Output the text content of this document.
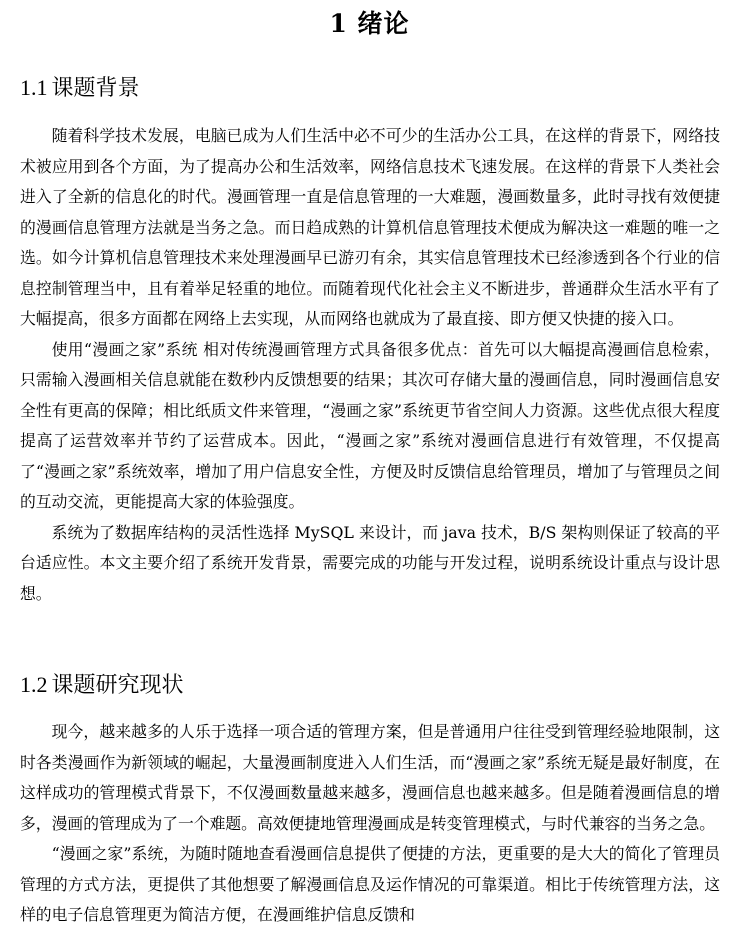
1 绪论
1.1 课题背景

随着科学技术发展，电脑已成为人们生活中必不可少的生活办公工具，在这样的背景下，网络技术被应用到各个方面，为了提高办公和生活效率，网络信息技术飞速发展。在这样的背景下人类社会进入了全新的信息化的时代。漫画管理一直是信息管理的一大难题，漫画数量多，此时寻找有效便捷的漫画信息管理方法就是当务之急。而日趋成熟的计算机信息管理技术便成为解决这一难题的唯一之选。如今计算机信息管理技术来处理漫画早已游刃有余，其实信息管理技术已经渗透到各个行业的信息控制管理当中，且有着举足轻重的地位。而随着现代化社会主义不断进步，普通群众生活水平有了大幅提高，很多方面都在网络上去实现，从而网络也就成为了最直接、即方便又快捷的接入口。

使用“漫画之家”系统 相对传统漫画管理方式具备很多优点：首先可以大幅提高漫画信息检索，只需输入漫画相关信息就能在数秒内反馈想要的结果；其次可存储大量的漫画信息，同时漫画信息安全性有更高的保障；相比纸质文件来管理，“漫画之家”系统更节省空间人力资源。这些优点很大程度提高了运营效率并节约了运营成本。因此，“漫画之家”系统对漫画信息进行有效管理，不仅提高了“漫画之家”系统效率，增加了用户信息安全性，方便及时反馈信息给管理员，增加了与管理员之间的互动交流，更能提高大家的体验强度。

系统为了数据库结构的灵活性选择 MySQL 来设计，而 java 技术，B/S 架构则保证了较高的平台适应性。本文主要介绍了系统开发背景，需要完成的功能与开发过程，说明系统设计重点与设计思想。

1.2 课题研究现状

现今，越来越多的人乐于选择一项合适的管理方案，但是普通用户往往受到管理经验地限制，这时各类漫画作为新领域的崛起，大量漫画制度进入人们生活，而“漫画之家”系统无疑是最好制度，在这样成功的管理模式背景下，不仅漫画数量越来越多，漫画信息也越来越多。但是随着漫画信息的增多，漫画的管理成为了一个难题。高效便捷地管理漫画成是转变管理模式，与时代兼容的当务之急。

“漫画之家”系统，为随时随地查看漫画信息提供了便捷的方法，更重要的是大大的简化了管理员管理的方式方法，更提供了其他想要了解漫画信息及运作情况的可靠渠道。相比于传统管理方法，这样的电子信息管理更为简洁方便，在漫画维护信息反馈和
